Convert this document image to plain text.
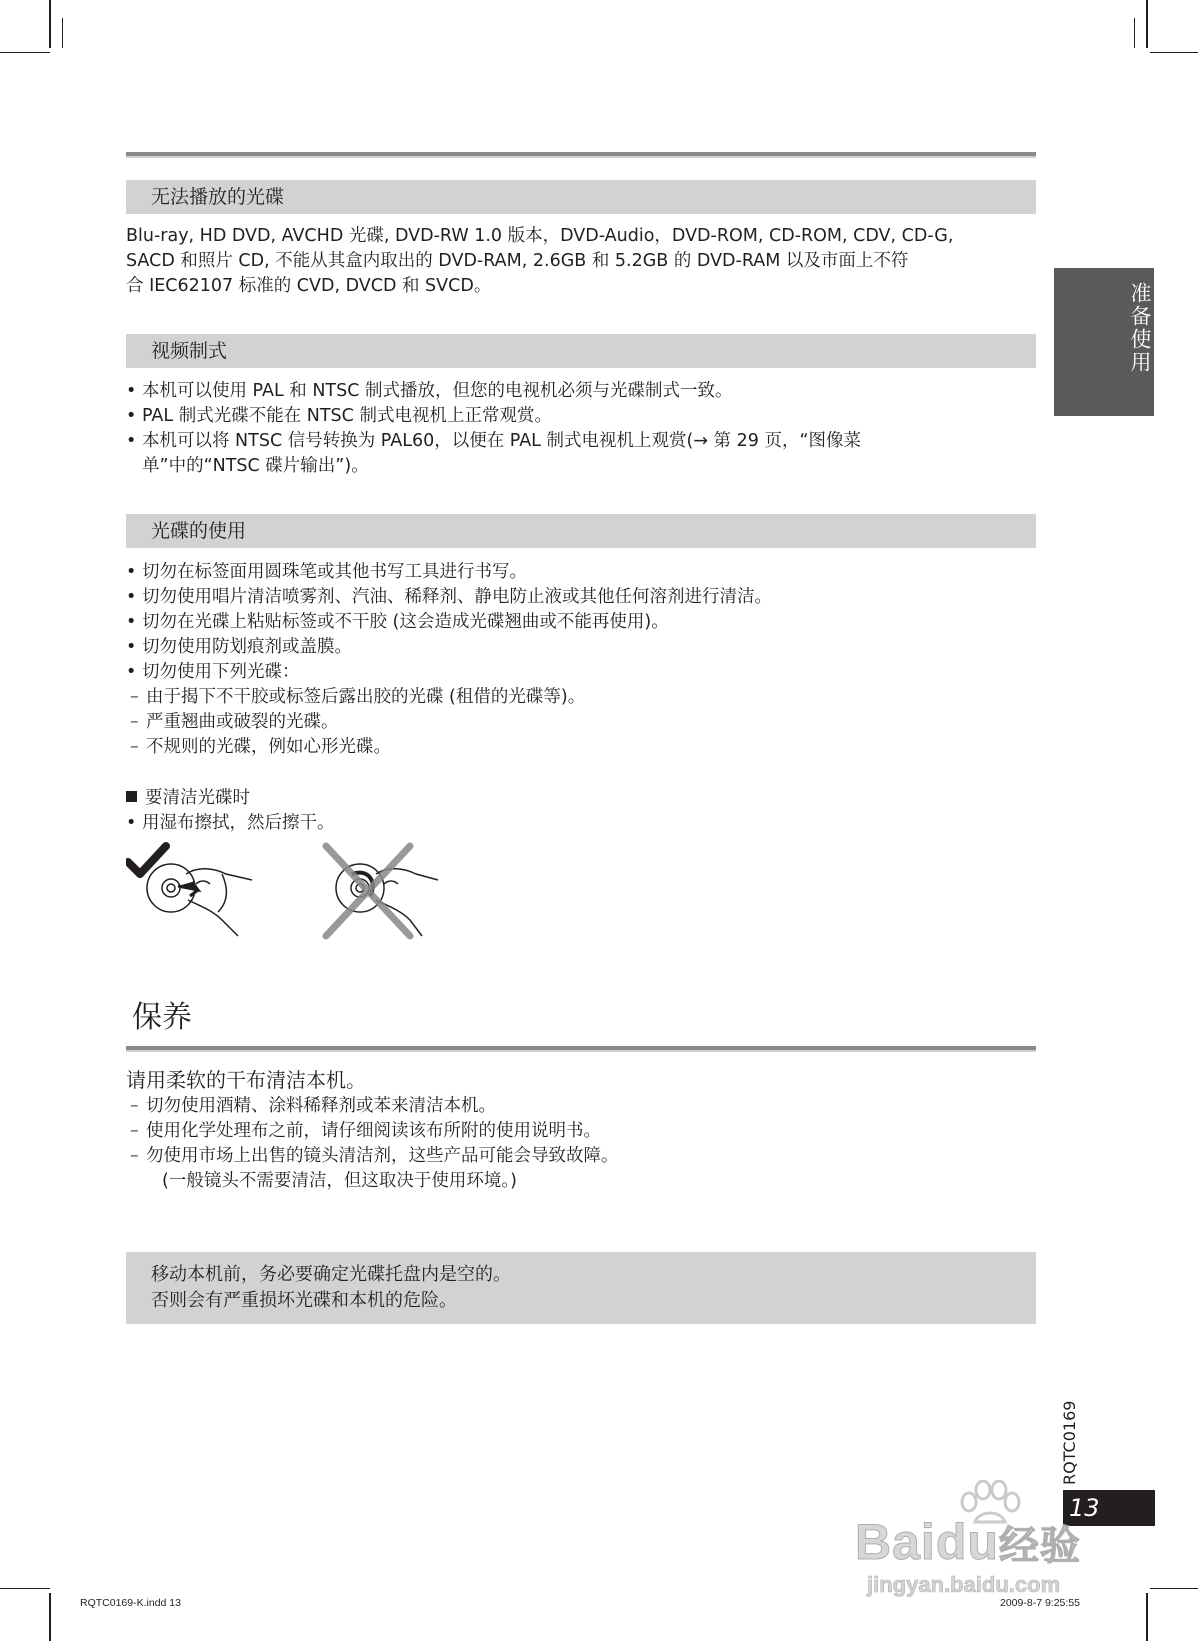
无法播放的光碟
Blu-ray, HD DVD, AVCHD 光碟, DVD-RW 1.0 版本，DVD-Audio，DVD-ROM, CD-ROM, CDV, CD-G,
SACD 和照片 CD, 不能从其盒内取出的 DVD-RAM, 2.6GB 和 5.2GB 的 DVD-RAM 以及市面上不符
合 IEC62107 标准的 CVD, DVCD 和 SVCD。
视频制式
• 本机可以使用 PAL 和 NTSC 制式播放，但您的电视机必须与光碟制式一致。
• PAL 制式光碟不能在 NTSC 制式电视机上正常观赏。
• 本机可以将 NTSC 信号转换为 PAL60，以便在 PAL 制式电视机上观赏(→ 第 29 页，“图像菜
单”中的“NTSC 碟片输出”)。
光碟的使用
• 切勿在标签面用圆珠笔或其他书写工具进行书写。
• 切勿使用唱片清洁喷雾剂、汽油、稀释剂、静电防止液或其他任何溶剂进行清洁。
• 切勿在光碟上粘贴标签或不干胶 (这会造成光碟翘曲或不能再使用)。
• 切勿使用防划痕剂或盖膜。
• 切勿使用下列光碟：
– 由于揭下不干胶或标签后露出胶的光碟 (租借的光碟等)。
– 严重翘曲或破裂的光碟。
– 不规则的光碟，例如心形光碟。
要清洁光碟时
• 用湿布擦拭，然后擦干。
保养
请用柔软的干布清洁本机。
– 切勿使用酒精、涂料稀释剂或苯来清洁本机。
– 使用化学处理布之前，请仔细阅读该布所附的使用说明书。
– 勿使用市场上出售的镜头清洁剂，这些产品可能会导致故障。
(一般镜头不需要清洁，但这取决于使用环境。)
移动本机前，务必要确定光碟托盘内是空的。
否则会有严重损坏光碟和本机的危险。
准备使用
RQTC0169
13
Baidu经验
jingyan.baidu.com
RQTC0169-K.indd 13	2009-8-7 9:25:55
